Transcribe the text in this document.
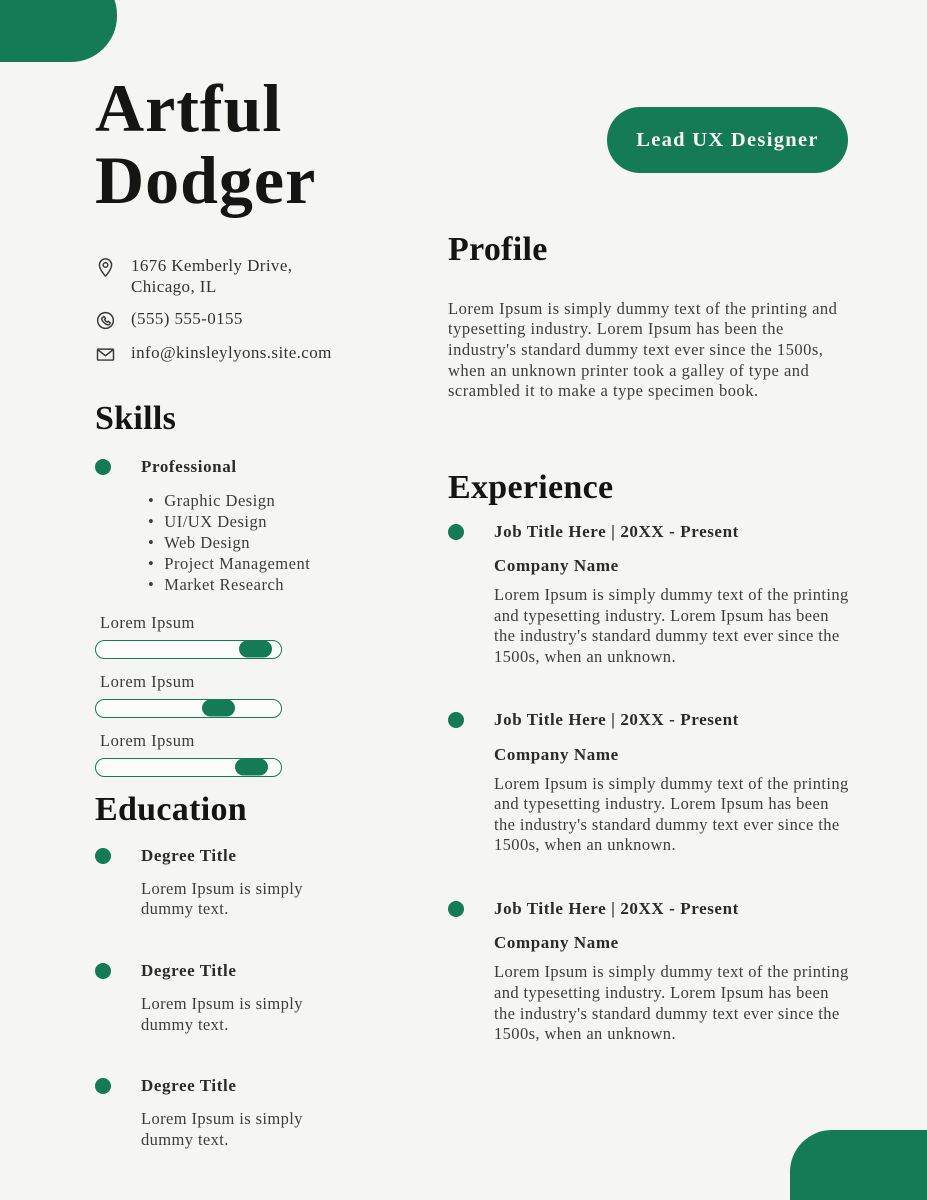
Artful Dodger
1676 Kemberly Drive, Chicago, IL
(555) 555-0155
info@kinsleylyons.site.com
Skills
Professional
• Graphic Design
• UI/UX Design
• Web Design
• Project Management
• Market Research
Lorem Ipsum
Lorem Ipsum
Lorem Ipsum
Education
Degree Title
Lorem Ipsum is simply dummy text.
Degree Title
Lorem Ipsum is simply dummy text.
Degree Title
Lorem Ipsum is simply dummy text.
Lead UX Designer
Profile

Lorem Ipsum is simply dummy text of the printing and typesetting industry. Lorem Ipsum has been the industry's standard dummy text ever since the 1500s, when an unknown printer took a galley of type and scrambled it to make a type specimen book.

Experience
Job Title Here | 20XX - Present
Company Name
Lorem Ipsum is simply dummy text of the printing and typesetting industry. Lorem Ipsum has been the industry's standard dummy text ever since the 1500s, when an unknown.
Job Title Here | 20XX - Present
Company Name
Lorem Ipsum is simply dummy text of the printing and typesetting industry. Lorem Ipsum has been the industry's standard dummy text ever since the 1500s, when an unknown.
Job Title Here | 20XX - Present
Company Name
Lorem Ipsum is simply dummy text of the printing and typesetting industry. Lorem Ipsum has been the industry's standard dummy text ever since the 1500s, when an unknown.
